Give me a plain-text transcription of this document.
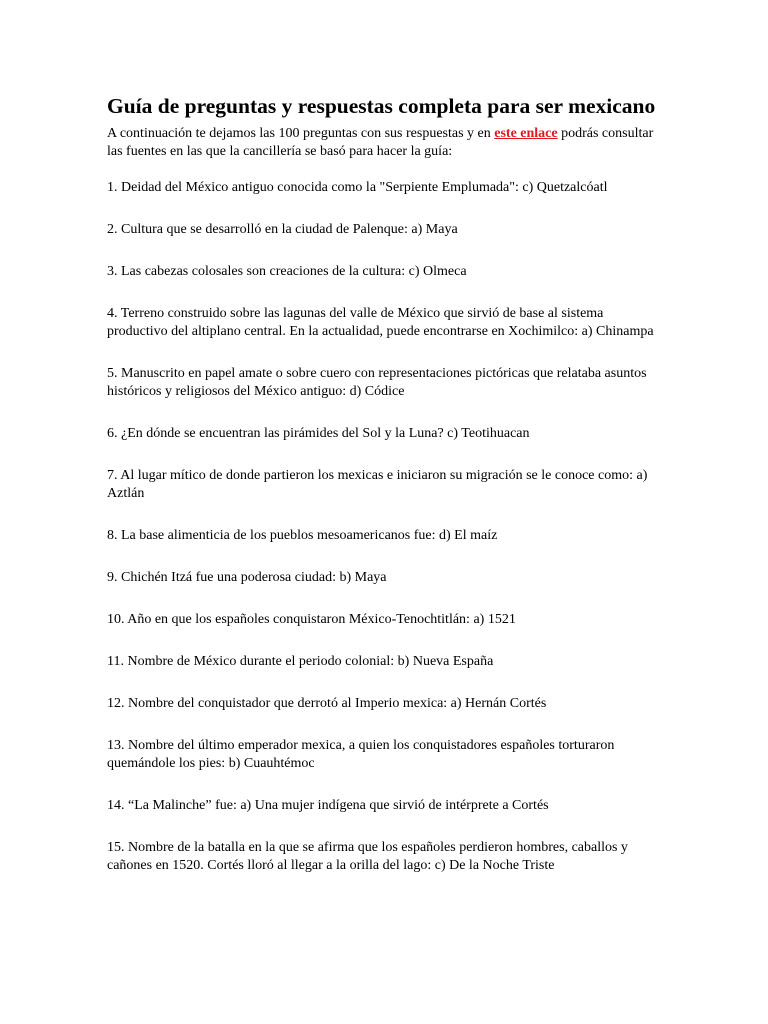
Guía de preguntas y respuestas completa para ser mexicano

A continuación te dejamos las 100 preguntas con sus respuestas y en este enlace podrás consultar las fuentes en las que la cancillería se basó para hacer la guía:

1. Deidad del México antiguo conocida como la "Serpiente Emplumada": c) Quetzalcóatl
2. Cultura que se desarrolló en la ciudad de Palenque: a) Maya
3. Las cabezas colosales son creaciones de la cultura: c) Olmeca
4. Terreno construido sobre las lagunas del valle de México que sirvió de base al sistema productivo del altiplano central. En la actualidad, puede encontrarse en Xochimilco: a) Chinampa
5. Manuscrito en papel amate o sobre cuero con representaciones pictóricas que relataba asuntos históricos y religiosos del México antiguo: d) Códice
6. ¿En dónde se encuentran las pirámides del Sol y la Luna? c) Teotihuacan
7. Al lugar mítico de donde partieron los mexicas e iniciaron su migración se le conoce como: a) Aztlán
8. La base alimenticia de los pueblos mesoamericanos fue: d) El maíz
9. Chichén Itzá fue una poderosa ciudad: b) Maya
10. Año en que los españoles conquistaron México-Tenochtitlán: a) 1521
11. Nombre de México durante el periodo colonial: b) Nueva España
12. Nombre del conquistador que derrotó al Imperio mexica: a) Hernán Cortés
13. Nombre del último emperador mexica, a quien los conquistadores españoles torturaron quemándole los pies: b) Cuauhtémoc
14. “La Malinche” fue: a) Una mujer indígena que sirvió de intérprete a Cortés
15. Nombre de la batalla en la que se afirma que los españoles perdieron hombres, caballos y cañones en 1520. Cortés lloró al llegar a la orilla del lago: c) De la Noche Triste
